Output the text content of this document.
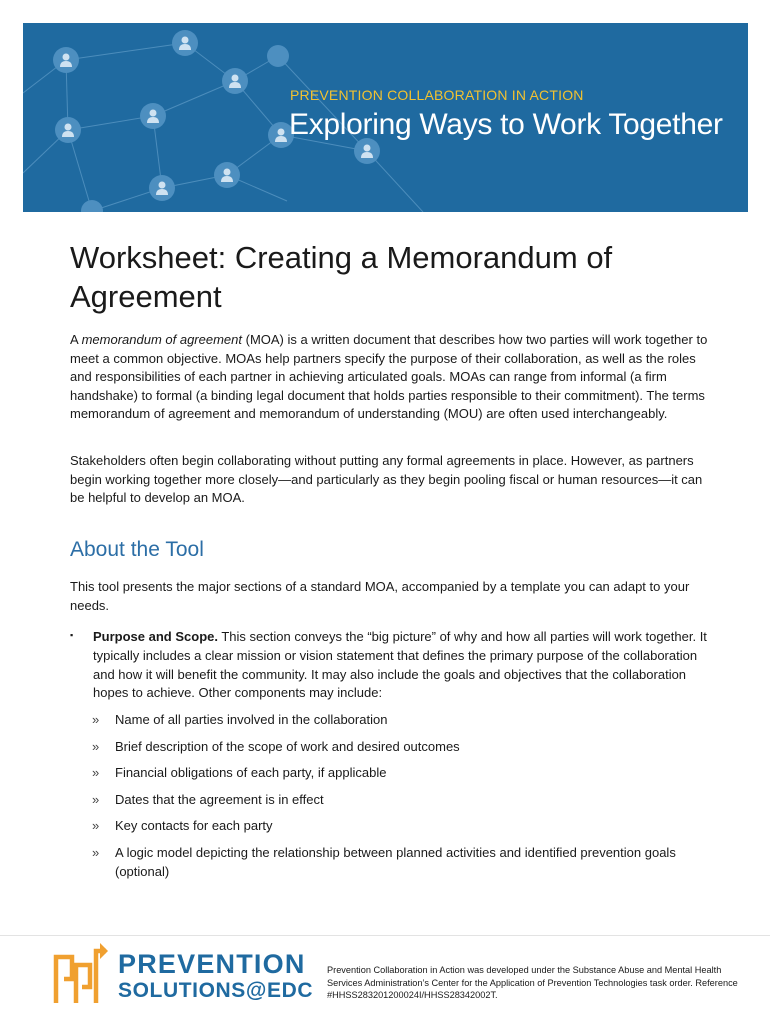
PREVENTION COLLABORATION IN ACTION
Exploring Ways to Work Together
Worksheet: Creating a Memorandum of Agreement

A memorandum of agreement (MOA) is a written document that describes how two parties will work together to meet a common objective. MOAs help partners specify the purpose of their collaboration, as well as the roles and responsibilities of each partner in achieving articulated goals. MOAs can range from informal (a firm handshake) to formal (a binding legal document that holds parties responsible to their commitment). The terms memorandum of agreement and memorandum of understanding (MOU) are often used interchangeably.

Stakeholders often begin collaborating without putting any formal agreements in place. However, as partners begin working together more closely—and particularly as they begin pooling fiscal or human resources—it can be helpful to develop an MOA.

About the Tool

This tool presents the major sections of a standard MOA, accompanied by a template you can adapt to your needs.

▪ Purpose and Scope. This section conveys the “big picture” of why and how all parties will work together. It typically includes a clear mission or vision statement that defines the primary purpose of the collaboration and how it will benefit the community. It may also include the goals and objectives that the collaboration hopes to achieve. Other components may include:

» Name of all parties involved in the collaboration
» Brief description of the scope of work and desired outcomes
» Financial obligations of each party, if applicable
» Dates that the agreement is in effect
» Key contacts for each party
» A logic model depicting the relationship between planned activities and identified prevention goals (optional)
PREVENTION
SOLUTIONS@EDC

Prevention Collaboration in Action was developed under the Substance Abuse and Mental Health Services Administration’s Center for the Application of Prevention Technologies task order. Reference #HHSS283201200024I/HHSS28342002T.
